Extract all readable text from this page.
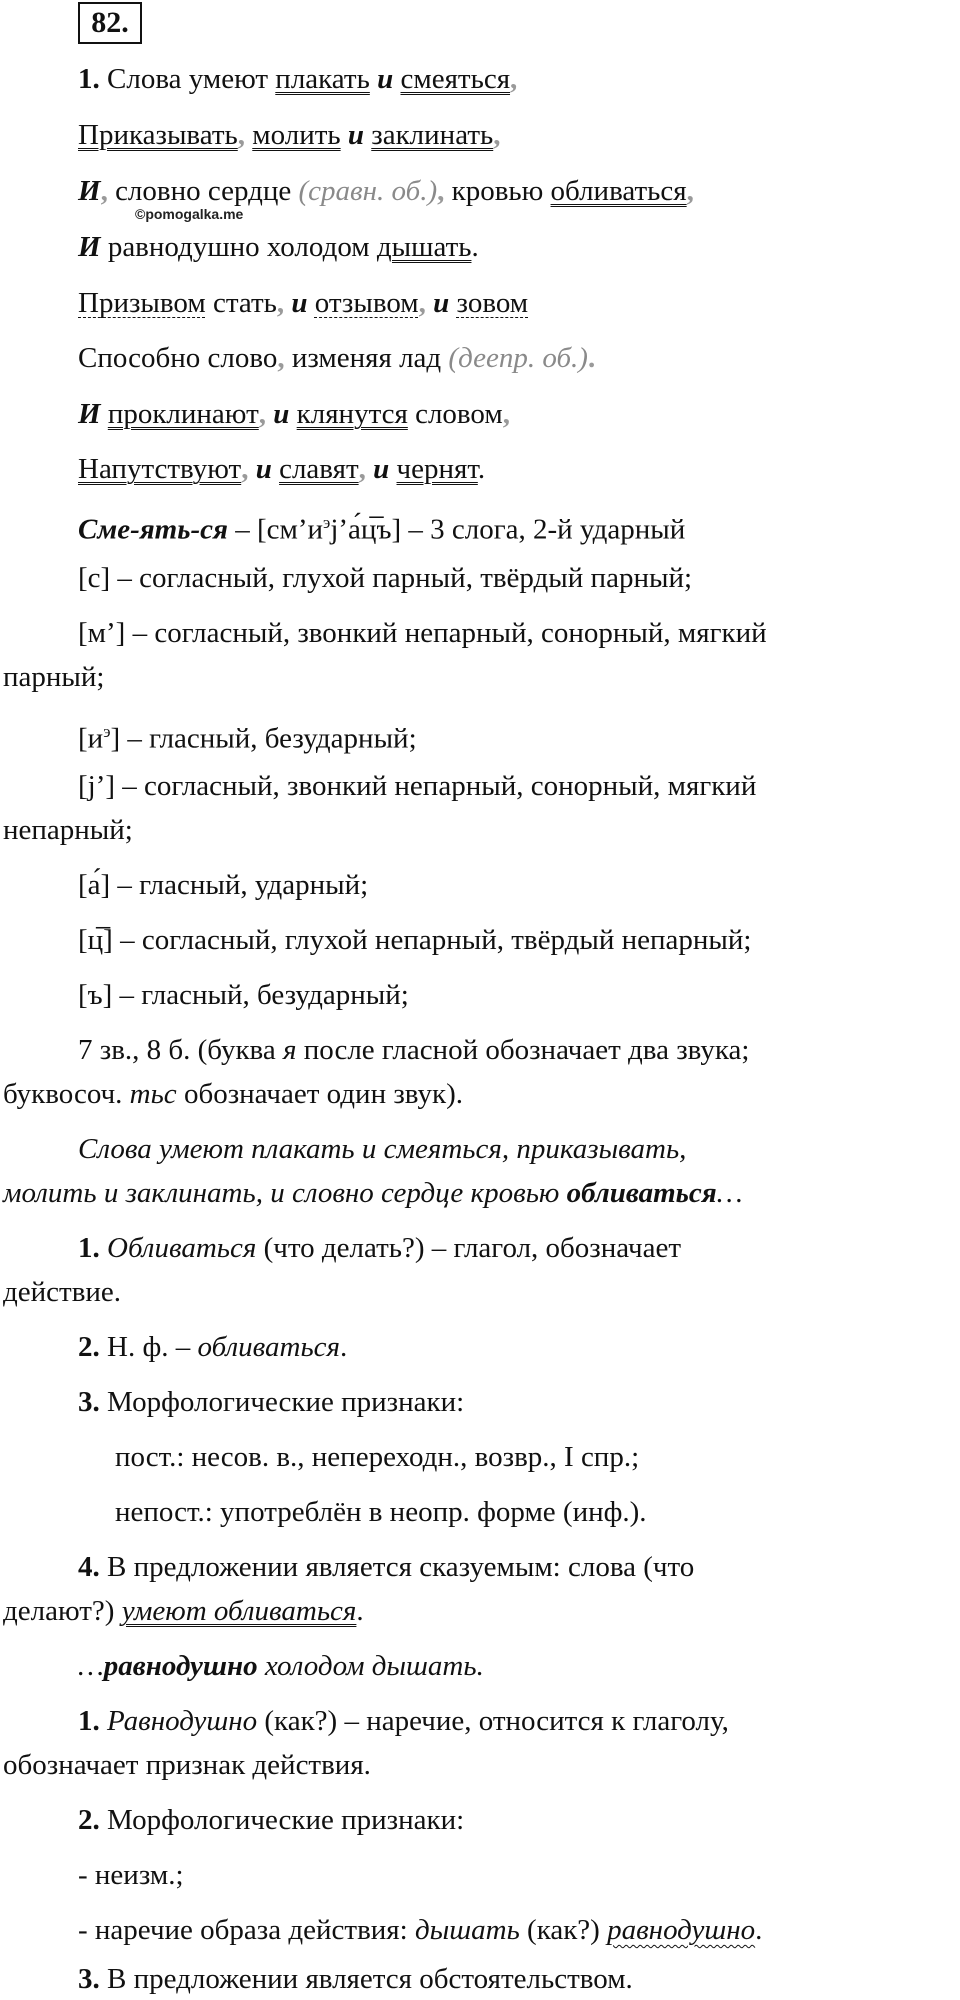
82.
1. Слова умеют плакать и смеяться,
Приказывать, молить и заклинать,
И, словно сердце (сравн. об.), кровью обливаться,
©pomogalka.me
И равнодушно холодом дышать.
Призывом стать, и отзывом, и зовом
Способно слово, изменяя лад (деепр. об.).
И проклинают, и клянутся словом,
Напутствуют, и славят, и чернят.
$Сме-ять-ся - [см’и^эj’а́ц̅ъ] - 3$ слога, 2-й ударный
[с] – согласный, глухой парный, твёрдый парный;
[м’] – согласный, звонкий непарный, сонорный, мягкий
парный;
$[и^э]$ – гласный, безударный;
[j’] – согласный, звонкий непарный, сонорный, мягкий
непарный;
[а́] – гласный, ударный;
[ц̅] – согласный, глухой непарный, твёрдый непарный;
[ъ] – гласный, безударный;
7 зв., 8 б. (буква я после гласной обозначает два звука;
буквосоч. тьс обозначает один звук).
Слова умеют плакать и смеяться, приказывать,
молить и заклинать, и словно сердце кровью обливаться…
1. Обливаться (что делать?) – глагол, обозначает
действие.
2. Н. ф. – обливаться.
3. Морфологические признаки:
пост.: несов. в., непереходн., возвр., I спр.;
непост.: употреблён в неопр. форме (инф.).
4. В предложении является сказуемым: слова (что
делают?) умеют обливаться.
…равнодушно холодом дышать.
1. Равнодушно (как?) – наречие, относится к глаголу,
обозначает признак действия.
2. Морфологические признаки:
- неизм.;
- наречие образа действия: дышать (как?) равнодушно.
3. В предложении является обстоятельством.
